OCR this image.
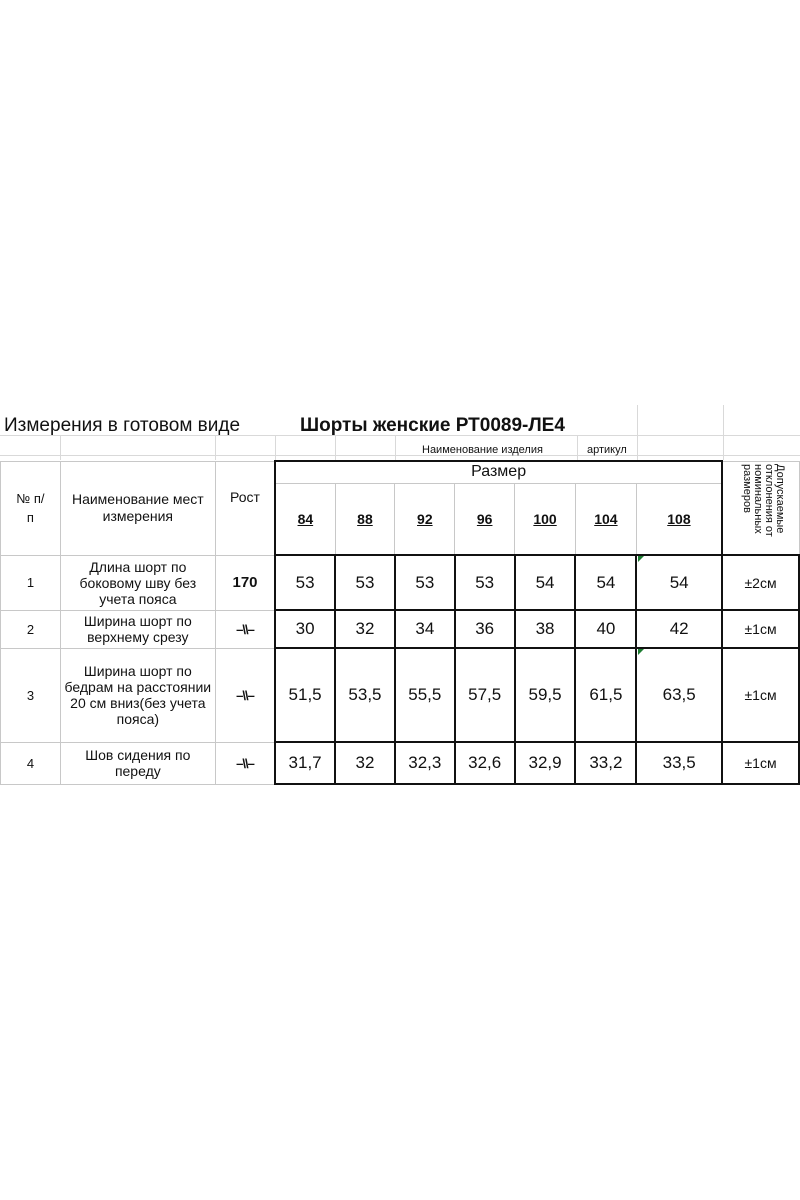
Измерения в готовом виде	Шорты женские РТ0089-ЛЕ4
Наименование изделия	артикул
№ п/п	Наименование мест измерения	Рост	Размер							Допускаемые отклонения от номинальных размеров

			84	88	92	96	100	104	108	
1	Длина шорт по боковому шву без учета пояса	170	53	53	53	53	54	54	54	±2см
2	Ширина шорт по верхнему срезу	–\\–	30	32	34	36	38	40	42	±1см
3	Ширина шорт по бедрам на расстоянии 20 см вниз(без учета пояса)	–\\–	51,5	53,5	55,5	57,5	59,5	61,5	63,5	±1см
4	Шов сидения по переду	–\\–	31,7	32	32,3	32,6	32,9	33,2	33,5	±1см
